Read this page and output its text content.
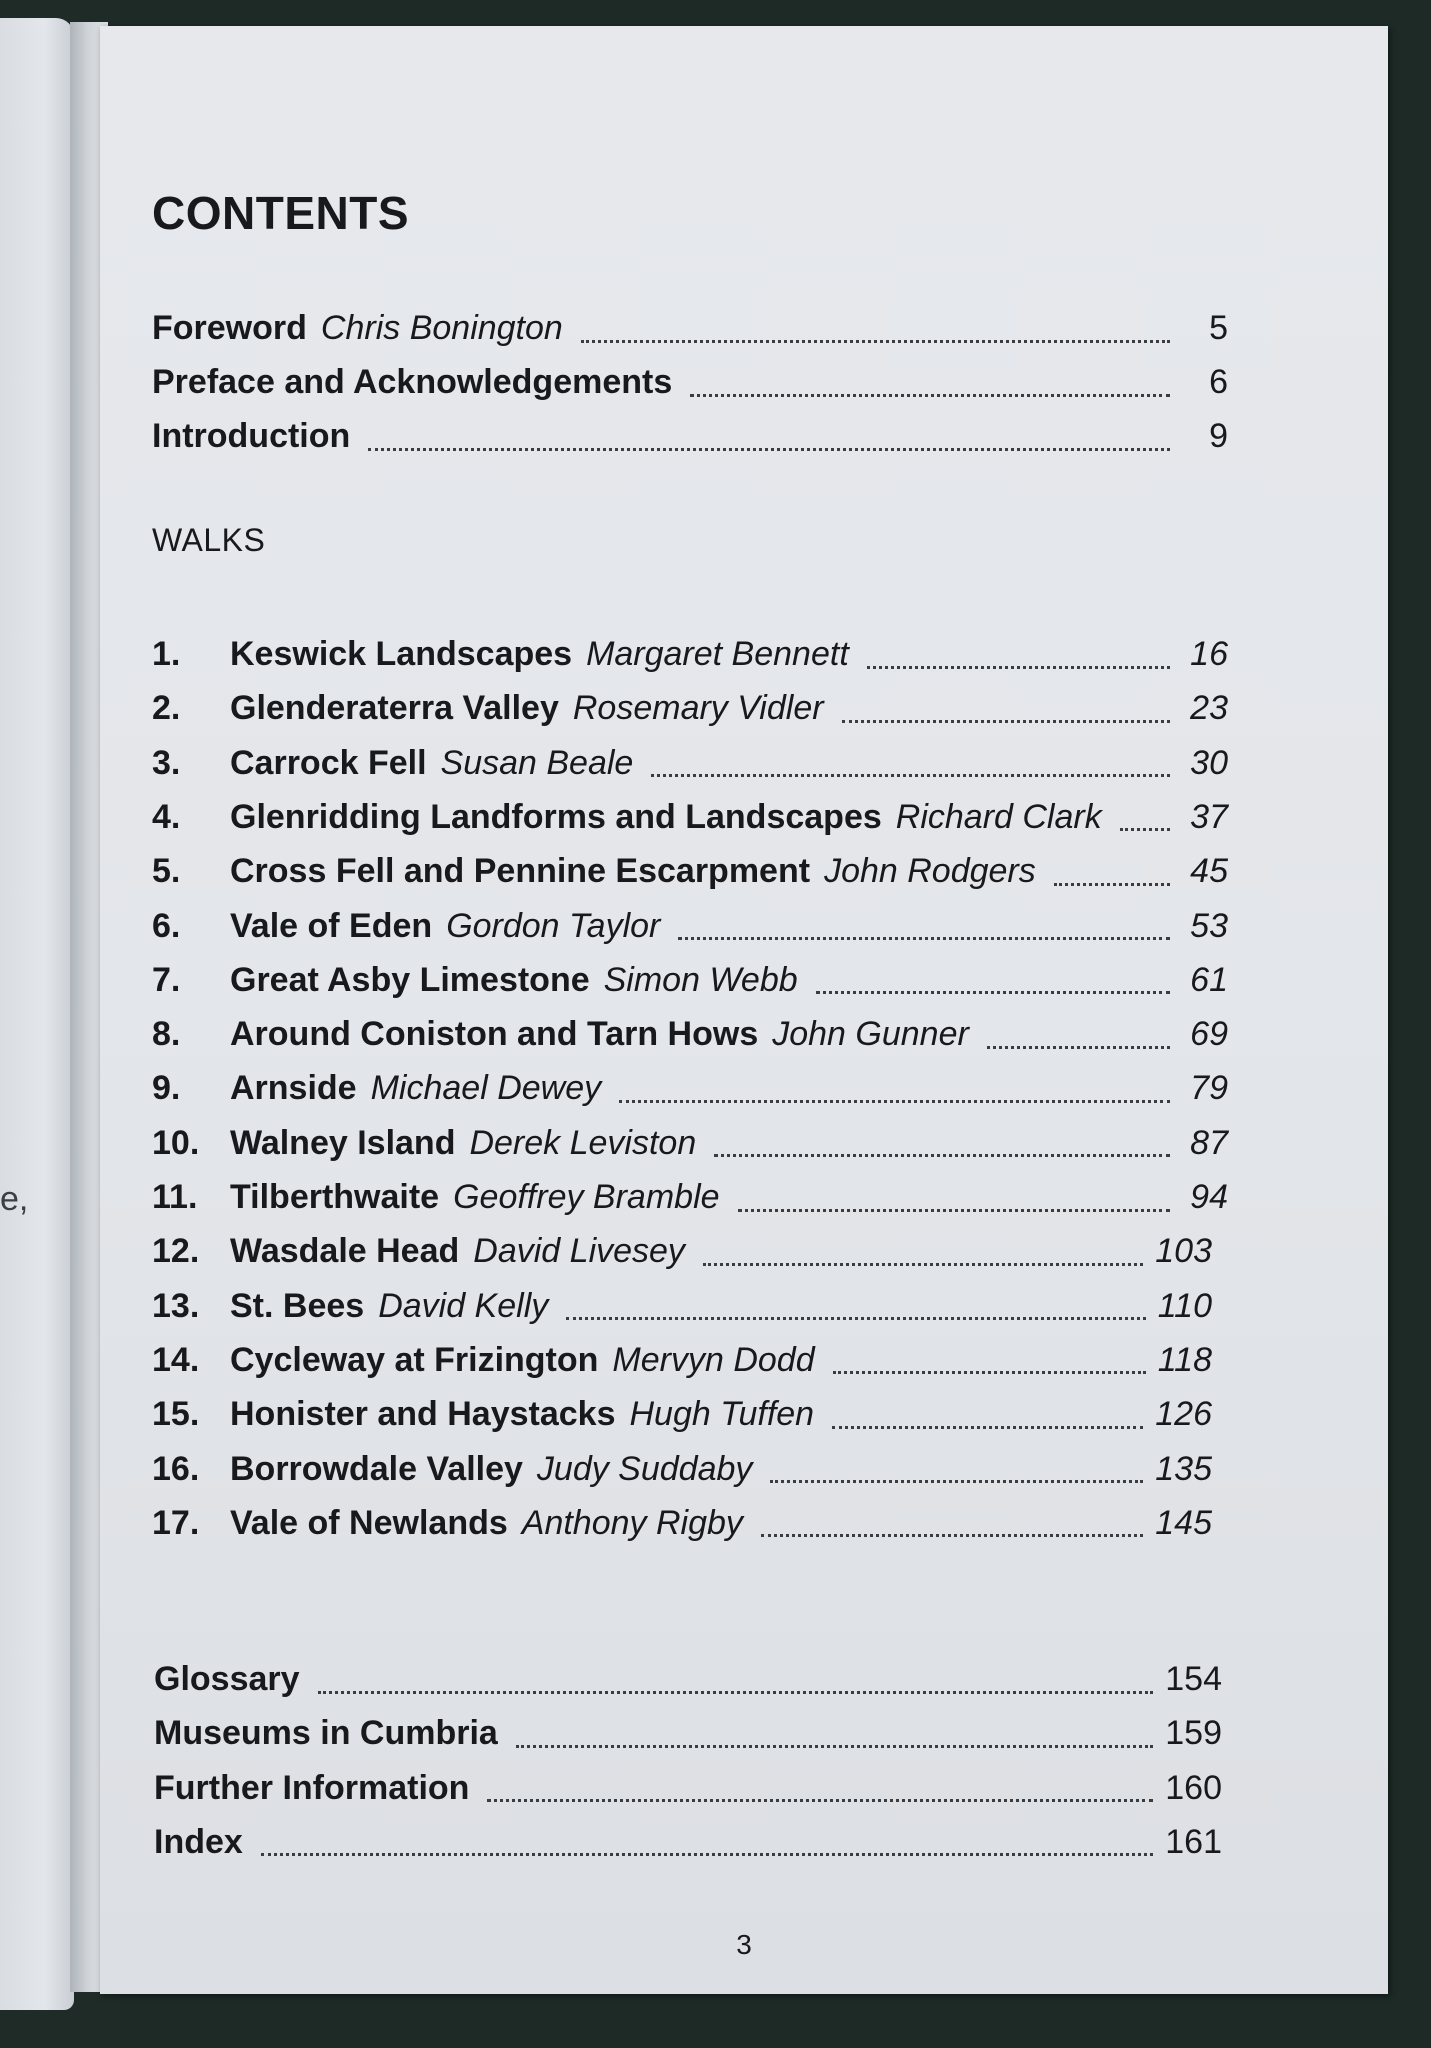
e,
CONTENTS
Foreword Chris Bonington	5
Preface and Acknowledgements	6
Introduction	9
WALKS
1.	Keswick Landscapes Margaret Bennett	16
2.	Glenderaterra Valley Rosemary Vidler	23
3.	Carrock Fell Susan Beale	30
4.	Glenridding Landforms and Landscapes Richard Clark	37
5.	Cross Fell and Pennine Escarpment John Rodgers	45
6.	Vale of Eden Gordon Taylor	53
7.	Great Asby Limestone Simon Webb	61
8.	Around Coniston and Tarn Hows John Gunner	69
9.	Arnside Michael Dewey	79
10. Walney Island Derek Leviston	87
11. Tilberthwaite Geoffrey Bramble	94
12. Wasdale Head David Livesey	103
13. St. Bees David Kelly	110
14. Cycleway at Frizington Mervyn Dodd	118
15. Honister and Haystacks Hugh Tuffen	126
16. Borrowdale Valley Judy Suddaby	135
17. Vale of Newlands Anthony Rigby	145
Glossary	154
Museums in Cumbria	159
Further Information	160
Index	161
3
